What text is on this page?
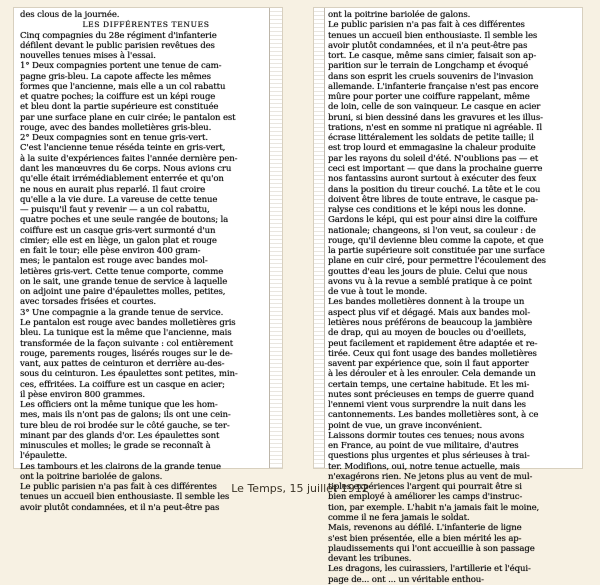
des clous de la journée.
LES DIFFÉRENTES TENUES
Cinq compagnies du 28e régiment d'infanterie
défilent devant le public parisien revêtues des
nouvelles tenues mises à l'essai.
1° Deux compagnies portent une tenue de cam-
pagne gris-bleu. La capote affecte les mêmes
formes que l'ancienne, mais elle a un col rabattu
et quatre poches; la coiffure est un képi rouge
et bleu dont la partie supérieure est constituée
par une surface plane en cuir cirée; le pantalon est
rouge, avec des bandes molletières gris-bleu.
2° Deux compagnies sont en tenue gris-vert.
C'est l'ancienne tenue réséda teinte en gris-vert,
à la suite d'expériences faites l'année dernière pen-
dant les manœuvres du 6e corps. Nous avions cru
qu'elle était irrémédiablement enterrée et qu'on
ne nous en aurait plus reparlé. Il faut croire
qu'elle a la vie dure. La vareuse de cette tenue
— puisqu'il faut y revenir — a un col rabattu,
quatre poches et une seule rangée de boutons; la
coiffure est un casque gris-vert surmonté d'un
cimier; elle est en liège, un galon plat et rouge
en fait le tour; elle pèse environ 400 gram-
mes; le pantalon est rouge avec bandes mol-
letières gris-vert. Cette tenue comporte, comme
on le sait, une grande tenue de service à laquelle
on adjoint une paire d'épaulettes molles, petites,
avec torsades frisées et courtes.
3° Une compagnie a la grande tenue de service.
Le pantalon est rouge avec bandes molletières gris
bleu. La tunique est la même que l'ancienne, mais
transformée de la façon suivante : col entièrement
rouge, parements rouges, lisérés rouges sur le de-
vant, aux pattes de ceinturon et derrière au-des-
sous du ceinturon. Les épaulettes sont petites, min-
ces, effritées. La coiffure est un casque en acier;
il pèse environ 800 grammes.
Les officiers ont la même tunique que les hom-
mes, mais ils n'ont pas de galons; ils ont une cein-
ture bleu de roi brodée sur le côté gauche, se ter-
minant par des glands d'or. Les épaulettes sont
minuscules et molles; le grade se reconnaît à
l'épaulette.
Les tambours et les clairons de la grande tenue
ont la poitrine bariolée de galons.
Le public parisien n'a pas fait à ces différentes
tenues un accueil bien enthousiaste. Il semble les
avoir plutôt condamnées, et il n'a peut-être pas
ont la poitrine bariolée de galons.
Le public parisien n'a pas fait à ces différentes
tenues un accueil bien enthousiaste. Il semble les
avoir plutôt condamnées, et il n'a peut-être pas
tort. Le casque, même sans cimier, faisait son ap-
parition sur le terrain de Longchamp et évoqué
dans son esprit les cruels souvenirs de l'invasion
allemande. L'infanterie française n'est pas encore
mûre pour porter une coiffure rappelant, même
de loin, celle de son vainqueur. Le casque en acier
bruni, si bien dessiné dans les gravures et les illus-
trations, n'est en somme ni pratique ni agréable. Il
écrase littéralement les soldats de petite taille; il
est trop lourd et emmagasine la chaleur produite
par les rayons du soleil d'été. N'oublions pas — et
ceci est important — que dans la prochaine guerre
nos fantassins auront surtout à exécuter des feux
dans la position du tireur couché. La tête et le cou
doivent être libres de toute entrave, le casque pa-
ralyse ces conditions et le képi nous les donne.
Gardons le képi, qui est pour ainsi dire la coiffure
nationale; changeons, si l'on veut, sa couleur : de
rouge, qu'il devienne bleu comme la capote, et que
la partie supérieure soit constituée par une surface
plane en cuir ciré, pour permettre l'écoulement des
gouttes d'eau les jours de pluie. Celui que nous
avons vu à la revue a semblé pratique à ce point
de vue à tout le monde.
Les bandes molletières donnent à la troupe un
aspect plus vif et dégagé. Mais aux bandes mol-
letières nous préférons de beaucoup la jambière
de drap, qui au moyen de boucles ou d'oeillets,
peut facilement et rapidement être adaptée et re-
tirée. Ceux qui font usage des bandes molletières
savent par expérience que, soin il faut apporter
à les dérouler et à les enrouler. Cela demande un
certain temps, une certaine habitude. Et les mi-
nutes sont précieuses en temps de guerre quand
l'ennemi vient vous surprendre la nuit dans les
cantonnements. Les bandes molletières sont, à ce
point de vue, un grave inconvénient.
Laissons dormir toutes ces tenues; nous avons
en France, au point de vue militaire, d'autres
questions plus urgentes et plus sérieuses à trai-
ter. Modifions, oui, notre tenue actuelle, mais
n'exagérons rien. Ne jetons plus au vent de mul-
tiples expériences l'argent qui pourrait être si
bien employé à améliorer les camps d'instruc-
tion, par exemple. L'habit n'a jamais fait le moine,
comme il ne fera jamais le soldat.
Mais, revenons au défilé. L'infanterie de ligne
s'est bien présentée, elle a bien mérité les ap-
plaudissements qui l'ont accueillie à son passage
devant les tribunes.
Les dragons, les cuirassiers, l'artillerie et l'équi-
page de... ont ... un véritable enthou-
Le Temps, 15 juillet 1912
